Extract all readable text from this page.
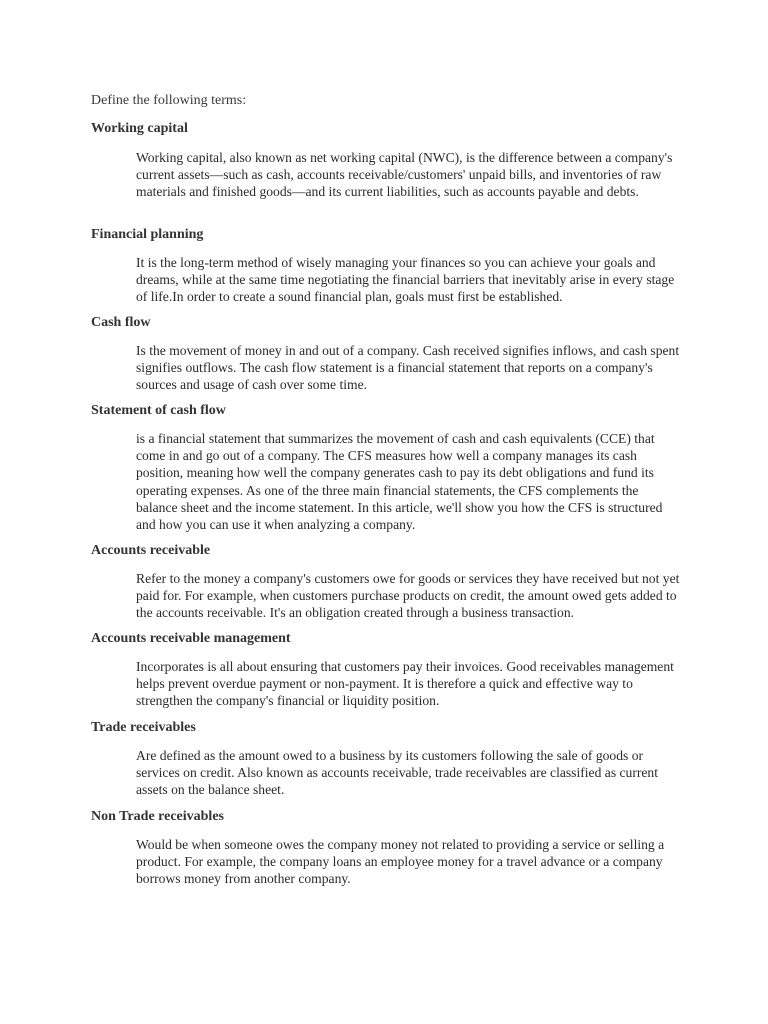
Define the following terms:

Working capital

Working capital, also known as net working capital (NWC), is the difference between a company's current assets—such as cash, accounts receivable/customers' unpaid bills, and inventories of raw materials and finished goods—and its current liabilities, such as accounts payable and debts.

Financial planning

It is the long-term method of wisely managing your finances so you can achieve your goals and dreams, while at the same time negotiating the financial barriers that inevitably arise in every stage of life.In order to create a sound financial plan, goals must first be established.

Cash flow

Is the movement of money in and out of a company. Cash received signifies inflows, and cash spent signifies outflows. The cash flow statement is a financial statement that reports on a company's sources and usage of cash over some time.

Statement of cash flow

is a financial statement that summarizes the movement of cash and cash equivalents (CCE) that come in and go out of a company. The CFS measures how well a company manages its cash position, meaning how well the company generates cash to pay its debt obligations and fund its operating expenses. As one of the three main financial statements, the CFS complements the balance sheet and the income statement. In this article, we'll show you how the CFS is structured and how you can use it when analyzing a company.

Accounts receivable

Refer to the money a company's customers owe for goods or services they have received but not yet paid for. For example, when customers purchase products on credit, the amount owed gets added to the accounts receivable. It's an obligation created through a business transaction.

Accounts receivable management

Incorporates is all about ensuring that customers pay their invoices. Good receivables management helps prevent overdue payment or non-payment. It is therefore a quick and effective way to strengthen the company's financial or liquidity position.

Trade receivables

Are defined as the amount owed to a business by its customers following the sale of goods or services on credit. Also known as accounts receivable, trade receivables are classified as current assets on the balance sheet.

Non Trade receivables

Would be when someone owes the company money not related to providing a service or selling a product. For example, the company loans an employee money for a travel advance or a company borrows money from another company.
